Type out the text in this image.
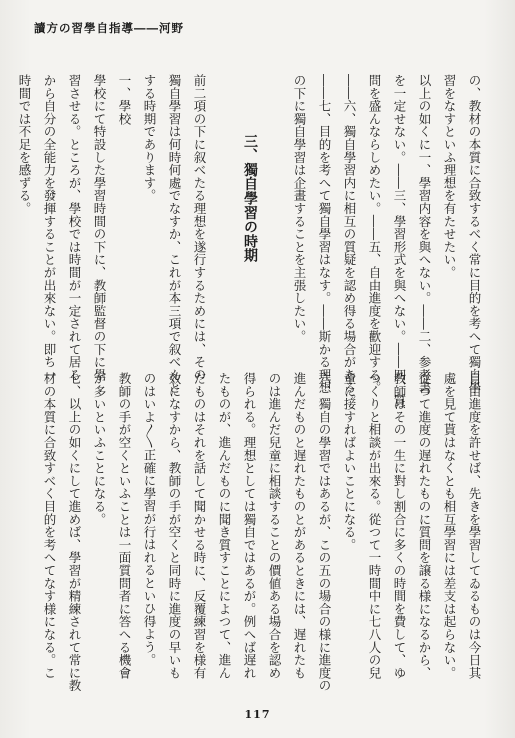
讀方の習學自指導――河野
の、教材の本質に合致するべく常に目的を考へて獨自學
習をなすといふ理想を有たせたい。
以上の如くに一、學習内容を與へない。――二、参考書
を一定せない。――三、學習形式を與へない。――四、質
問を盛んならしめたい。――五、自由進度を歡迎する。
――六、獨自學習内に相互の質疑を認め得る場合がある。
――七、目的を考へて獨自學習はなす。――斯かる理想
の下に獨自學習は企畫することを主張したい。

三、獨自學習の時期

前二項の下に叙べたる理想を遂行するためには、その
獨自學習は何時何處でなすか、これが本三項で叙べんと
する時期であります。
一、學校
學校にて特設した學習時間の下に、教師監督の下に學
習させる。ところが、學校では時間が一定されて居る
から自分の全能力を發揮することが出來ない。即ち一
時間では不足を感ずる。
自由進度を許せば、先きを學習してゐるものは今日其
處を見て貰はなくとも相互學習には差支は起らない。
從つて進度の遅れたものに質問を譲る様になるから、
教師はその一生に對し割合に多くの時間を費して、ゆ
つくりと相談が出來る。從つて一時間中に七八人の兒
童に接すればよいことになる。
六、獨自の學習ではあるが、この五の場合の様に進度の
進んだものと遅れたものとがあるときには、遅れたも
のは進んだ兒童に相談することの價値ある場合を認め
得られる。理想としては獨自ではあるが。例へば遅れ
たものが、進んだものに聞き質すことによつて、進ん
だものはそれを話して聞かせる時に、反覆練習を様有
效になすから、教師の手が空くと同時に進度の早いも
のはいよ〳〵正確に學習が行はれるといひ得よう。
教師の手が空くといふことは一面質問者に答へる機會
が多いといふことになる。
七、以上の如くにして進めば、學習が精練されて常に教
材の本質に合致すべく目的を考へてなす様になる。こ
117
